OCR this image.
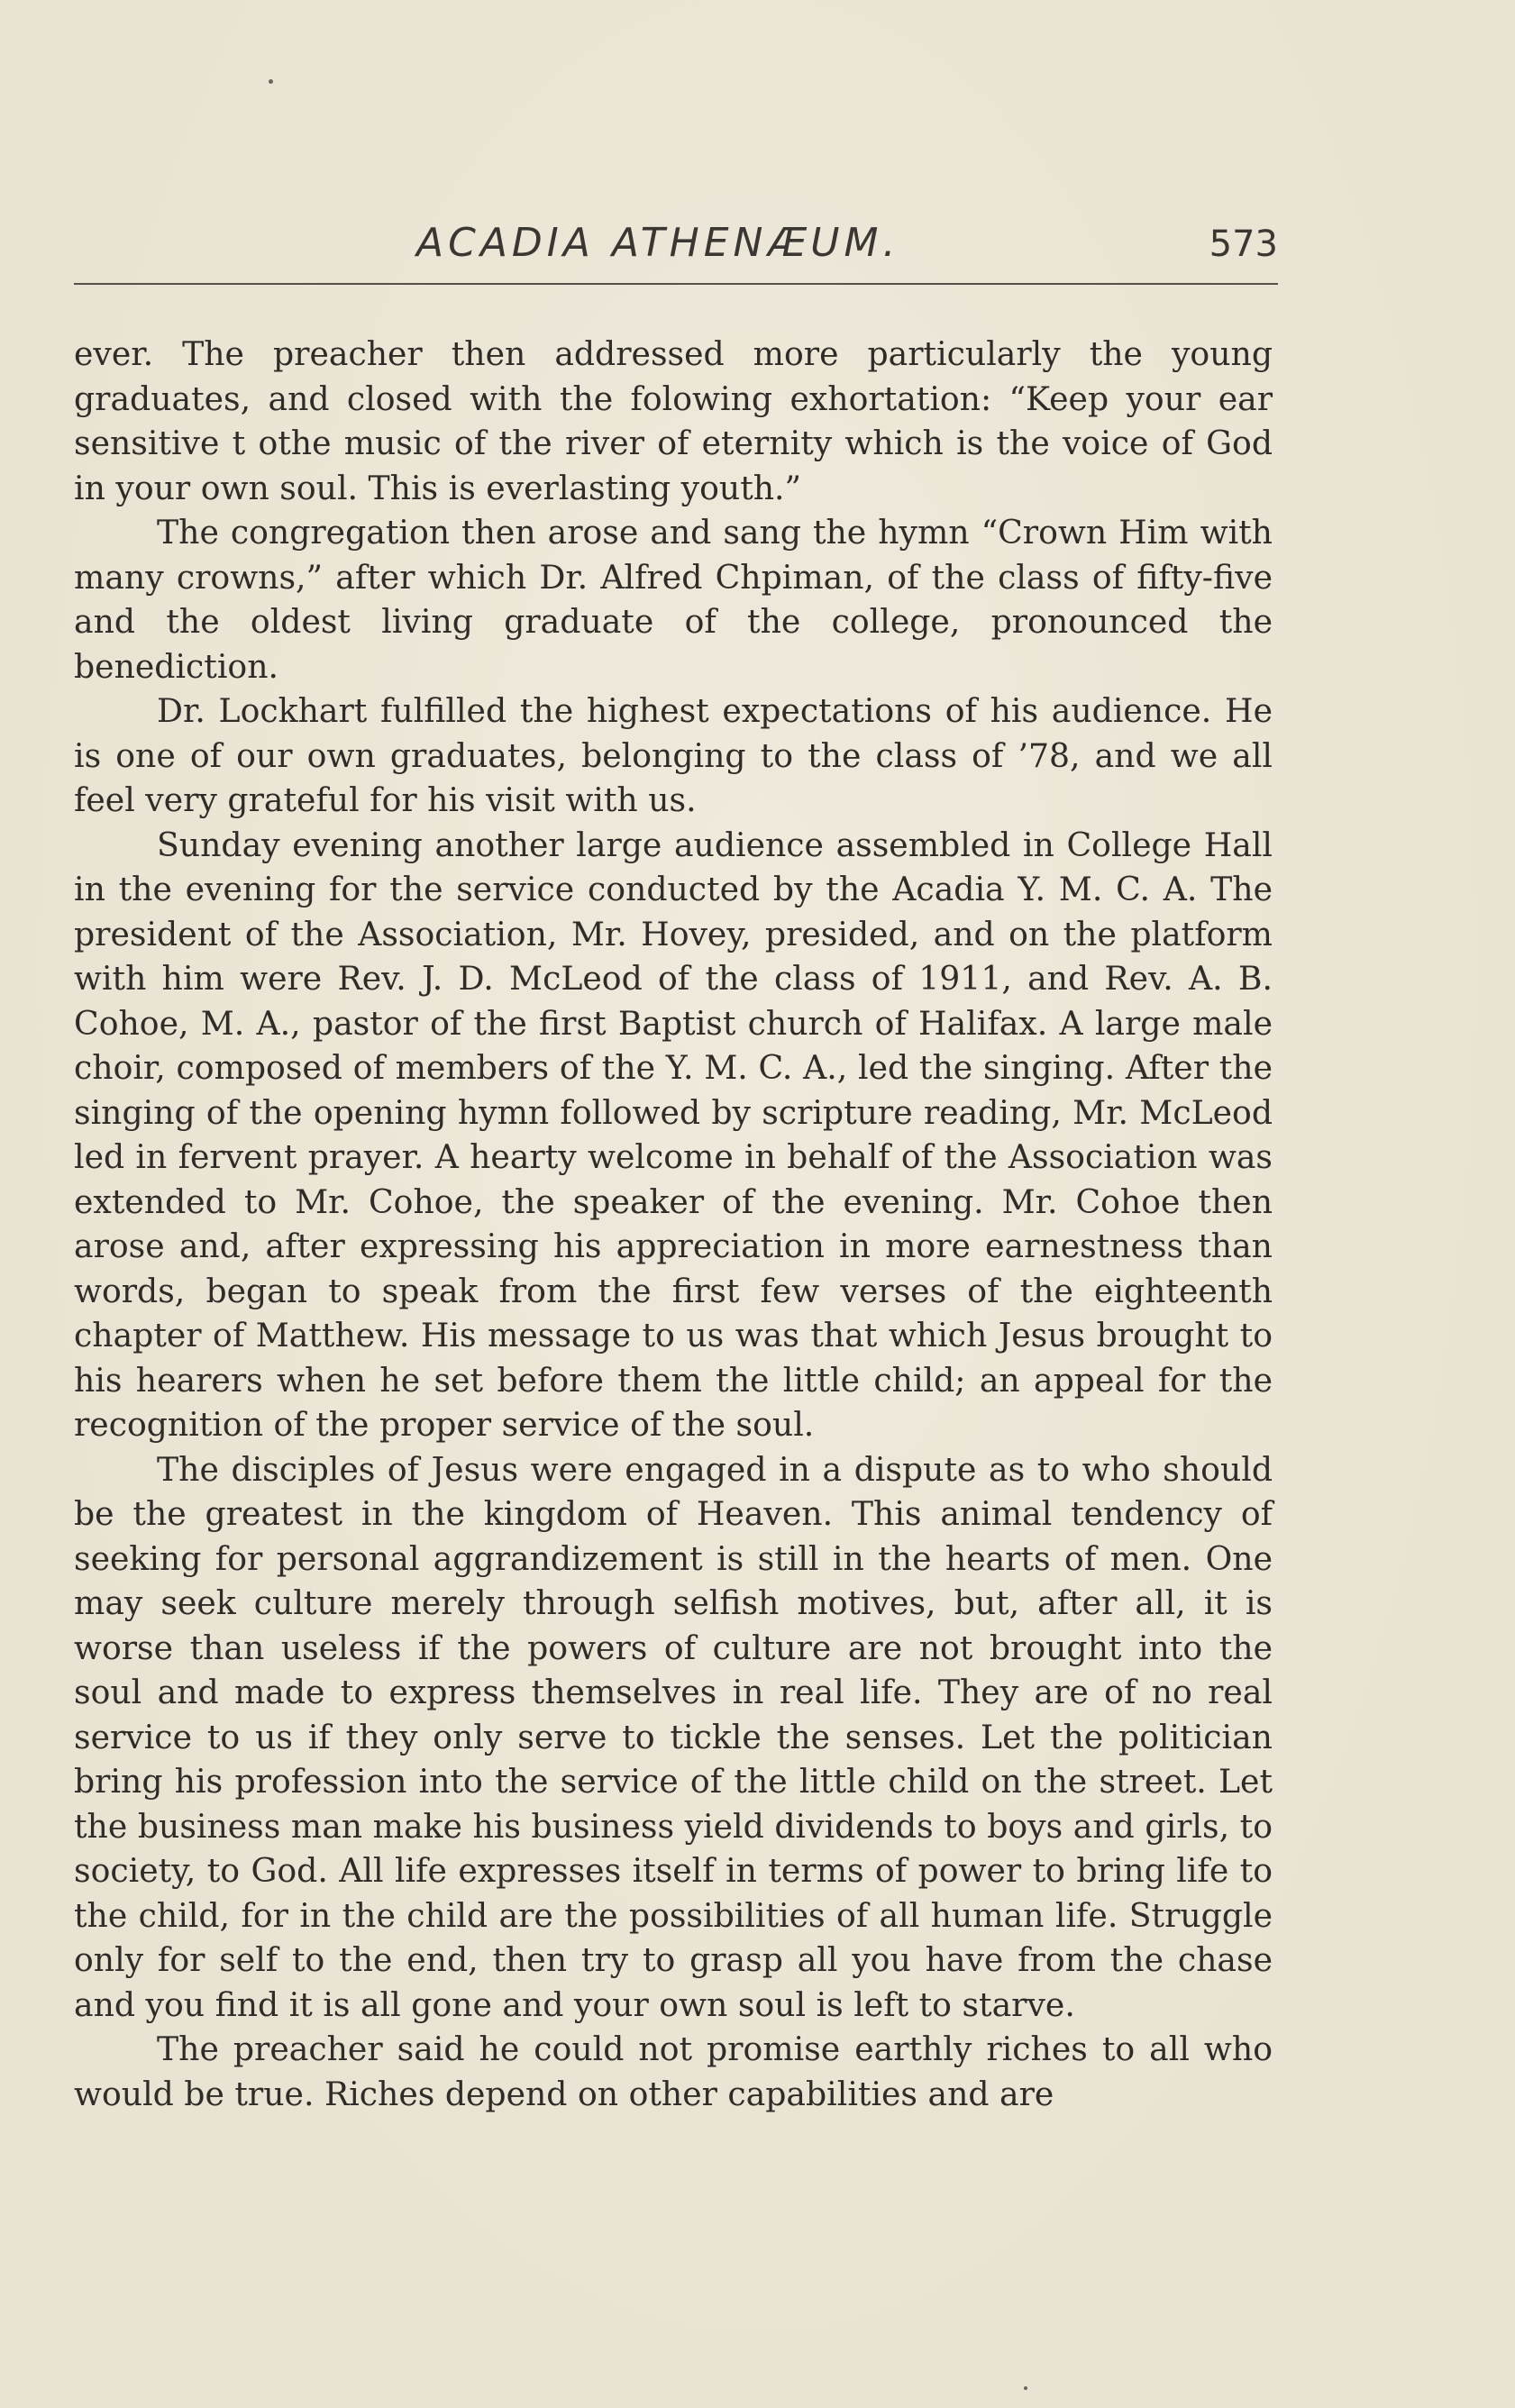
ACADIA ATHENÆUM.	573

ever. The preacher then addressed more particularly the young graduates, and closed with the folowing exhortation: “Keep your ear sensitive t othe music of the river of eternity which is the voice of God in your own soul. This is everlasting youth.”

The congregation then arose and sang the hymn “Crown Him with many crowns,” after which Dr. Alfred Chpiman, of the class of fifty-five and the oldest living graduate of the college, pronounced the benediction.

Dr. Lockhart fulfilled the highest expectations of his audience. He is one of our own graduates, belonging to the class of ’78, and we all feel very grateful for his visit with us.

Sunday evening another large audience assembled in College Hall in the evening for the service conducted by the Acadia Y. M. C. A. The president of the Association, Mr. Hovey, presided, and on the platform with him were Rev. J. D. McLeod of the class of 1911, and Rev. A. B. Cohoe, M. A., pastor of the first Baptist church of Halifax. A large male choir, composed of members of the Y. M. C. A., led the singing. After the singing of the opening hymn followed by scripture reading, Mr. McLeod led in fervent prayer. A hearty welcome in behalf of the Association was extended to Mr. Cohoe, the speaker of the evening. Mr. Cohoe then arose and, after expressing his appreciation in more earnestness than words, began to speak from the first few verses of the eighteenth chapter of Matthew. His message to us was that which Jesus brought to his hearers when he set before them the little child; an appeal for the recognition of the proper service of the soul.

The disciples of Jesus were engaged in a dispute as to who should be the greatest in the kingdom of Heaven. This animal tendency of seeking for personal aggrandizement is still in the hearts of men. One may seek culture merely through selfish motives, but, after all, it is worse than useless if the powers of culture are not brought into the soul and made to express themselves in real life. They are of no real service to us if they only serve to tickle the senses. Let the politician bring his profession into the service of the little child on the street. Let the business man make his business yield dividends to boys and girls, to society, to God. All life expresses itself in terms of power to bring life to the child, for in the child are the possibilities of all human life. Struggle only for self to the end, then try to grasp all you have from the chase and you find it is all gone and your own soul is left to starve.

The preacher said he could not promise earthly riches to all who would be true. Riches depend on other capabilities and are
